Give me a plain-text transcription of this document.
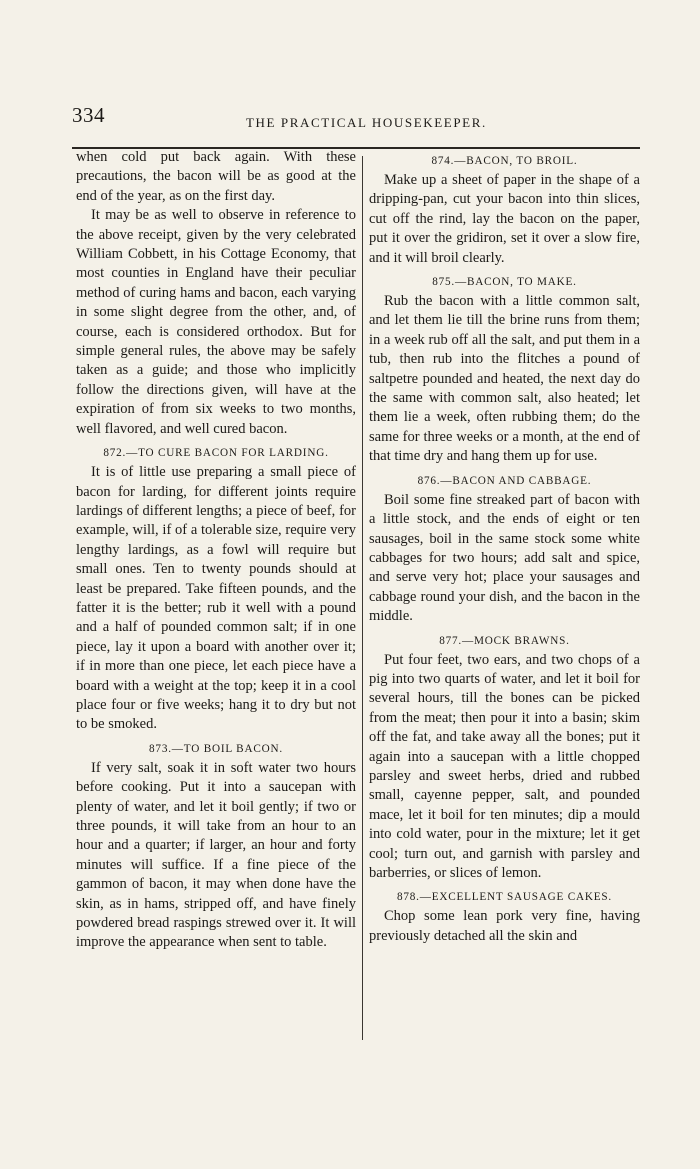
334	THE PRACTICAL HOUSEKEEPER.

when cold put back again. With these precautions, the bacon will be as good at the end of the year, as on the first day.

It may be as well to observe in reference to the above receipt, given by the very celebrated William Cobbett, in his Cottage Economy, that most counties in England have their peculiar method of curing hams and bacon, each varying in some slight degree from the other, and, of course, each is considered orthodox. But for simple general rules, the above may be safely taken as a guide; and those who implicitly follow the directions given, will have at the expiration of from six weeks to two months, well flavored, and well cured bacon.

872.—TO CURE BACON FOR LARDING.

It is of little use preparing a small piece of bacon for larding, for different joints require lardings of different lengths; a piece of beef, for example, will, if of a tolerable size, require very lengthy lardings, as a fowl will require but small ones. Ten to twenty pounds should at least be prepared. Take fifteen pounds, and the fatter it is the better; rub it well with a pound and a half of pounded common salt; if in one piece, lay it upon a board with another over it; if in more than one piece, let each piece have a board with a weight at the top; keep it in a cool place four or five weeks; hang it to dry but not to be smoked.

873.—TO BOIL BACON.

If very salt, soak it in soft water two hours before cooking. Put it into a saucepan with plenty of water, and let it boil gently; if two or three pounds, it will take from an hour to an hour and a quarter; if larger, an hour and forty minutes will suffice. If a fine piece of the gammon of bacon, it may when done have the skin, as in hams, stripped off, and have finely powdered bread raspings strewed over it. It will improve the appearance when sent to table.

874.—BACON, TO BROIL.

Make up a sheet of paper in the shape of a dripping-pan, cut your bacon into thin slices, cut off the rind, lay the bacon on the paper, put it over the gridiron, set it over a slow fire, and it will broil clearly.

875.—BACON, TO MAKE.

Rub the bacon with a little common salt, and let them lie till the brine runs from them; in a week rub off all the salt, and put them in a tub, then rub into the flitches a pound of saltpetre pounded and heated, the next day do the same with common salt, also heated; let them lie a week, often rubbing them; do the same for three weeks or a month, at the end of that time dry and hang them up for use.

876.—BACON AND CABBAGE.

Boil some fine streaked part of bacon with a little stock, and the ends of eight or ten sausages, boil in the same stock some white cabbages for two hours; add salt and spice, and serve very hot; place your sausages and cabbage round your dish, and the bacon in the middle.

877.—MOCK BRAWNS.

Put four feet, two ears, and two chops of a pig into two quarts of water, and let it boil for several hours, till the bones can be picked from the meat; then pour it into a basin; skim off the fat, and take away all the bones; put it again into a saucepan with a little chopped parsley and sweet herbs, dried and rubbed small, cayenne pepper, salt, and pounded mace, let it boil for ten minutes; dip a mould into cold water, pour in the mixture; let it get cool; turn out, and garnish with parsley and barberries, or slices of lemon.

878.—EXCELLENT SAUSAGE CAKES.

Chop some lean pork very fine, having previously detached all the skin and
